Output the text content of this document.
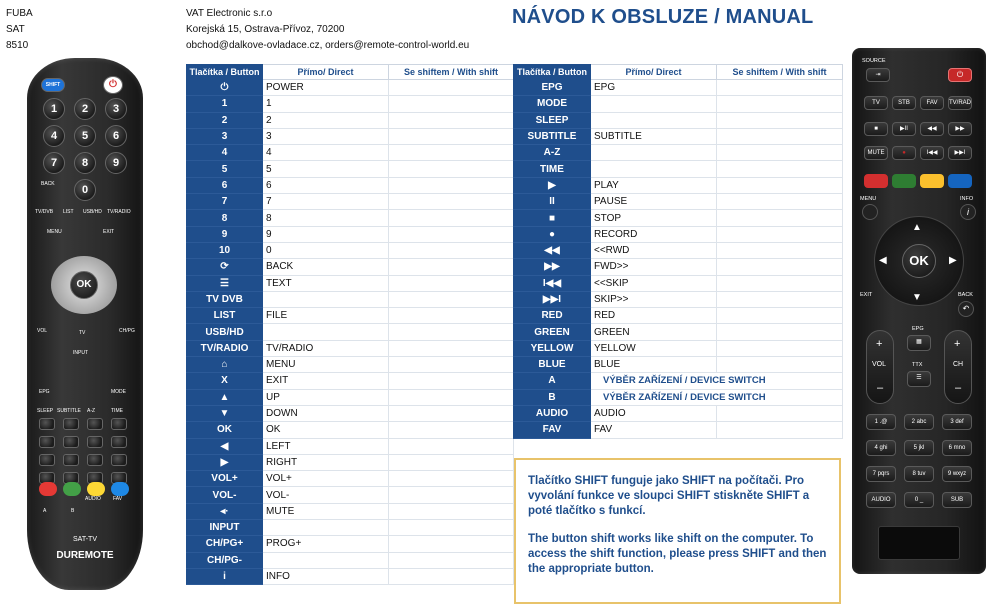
FUBA
SAT
8510
VAT Electronic s.r.o
Korejská 15, Ostrava-Přívoz, 70200
obchod@dalkove-ovladace.cz, orders@remote-control-world.eu
NÁVOD K OBSLUZE / MANUAL
Tlačítka / Button	Přímo/ Direct	Se shiftem / With shift
⏻	POWER	
1	1	
2	2	
3	3	
4	4	
5	5	
6	6	
7	7	
8	8	
9	9	
10	0	
⟳	BACK	
☰	TEXT	
TV DVB		
LIST	FILE	
USB/HD		
TV/RADIO	TV/RADIO	
⌂	MENU	
X	EXIT	
▲	UP	
▼	DOWN	
OK	OK	
◀	LEFT	
▶	RIGHT	
VOL+	VOL+	
VOL-	VOL-	
◂·	MUTE	
INPUT		
CH/PG+	PROG+	
CH/PG-		
i	INFO	
Tlačítka / Button	Přímo/ Direct	Se shiftem / With shift
EPG	EPG	
MODE		
SLEEP		
SUBTITLE	SUBTITLE	
A-Z		
TIME		
▶	PLAY	
II	PAUSE	
■	STOP	
●	RECORD	
◀◀	<<RWD	
▶▶	FWD>>	
I◀◀	<<SKIP	
▶▶I	SKIP>>	
RED	RED	
GREEN	GREEN	
YELLOW	YELLOW	
BLUE	BLUE	
A	VÝBĚR ZAŘÍZENÍ / DEVICE SWITCH	
B	VÝBĚR ZAŘÍZENÍ / DEVICE SWITCH	
AUDIO	AUDIO	
FAV	FAV	

Tlačítko SHIFT funguje jako SHIFT na počítači. Pro vyvolání funkce ve sloupci SHIFT stiskněte SHIFT a poté tlačítko s funkcí.

The button shift works like shift on the computer. To access the shift function, please press SHIFT and then the appropriate button.

SHIFT	⏻
1	2	3
4	5	6
7	8	9
0
BACK
TV/DVB LIST USB/HD TV/RADIO
MENU	EXIT
TV
VOL
INPUT
CH/PG
EPG	MODE
SLEEP SUBTITLE A-Z	TIME
AUDIO FAV
A	B
OK
SAT-TV
DUREMOTE
SOURCE
⇥	⏻
TV	STB	FAV	TV/RAD
■	▶II	◀◀	▶▶
●	I◀◀	▶▶I
MUTE
MENU	INFO
i
▲
▼
◀	▶
OK
EXIT	BACK
↶
+
VOL
–
+
CH
–
EPG
▦
TTX
☰
1 .@	2 abc	3 def
4 ghi	5 jkl	6 mno
7 pqrs	8 tuv	9 wxyz
AUDIO	0 _	SUB
